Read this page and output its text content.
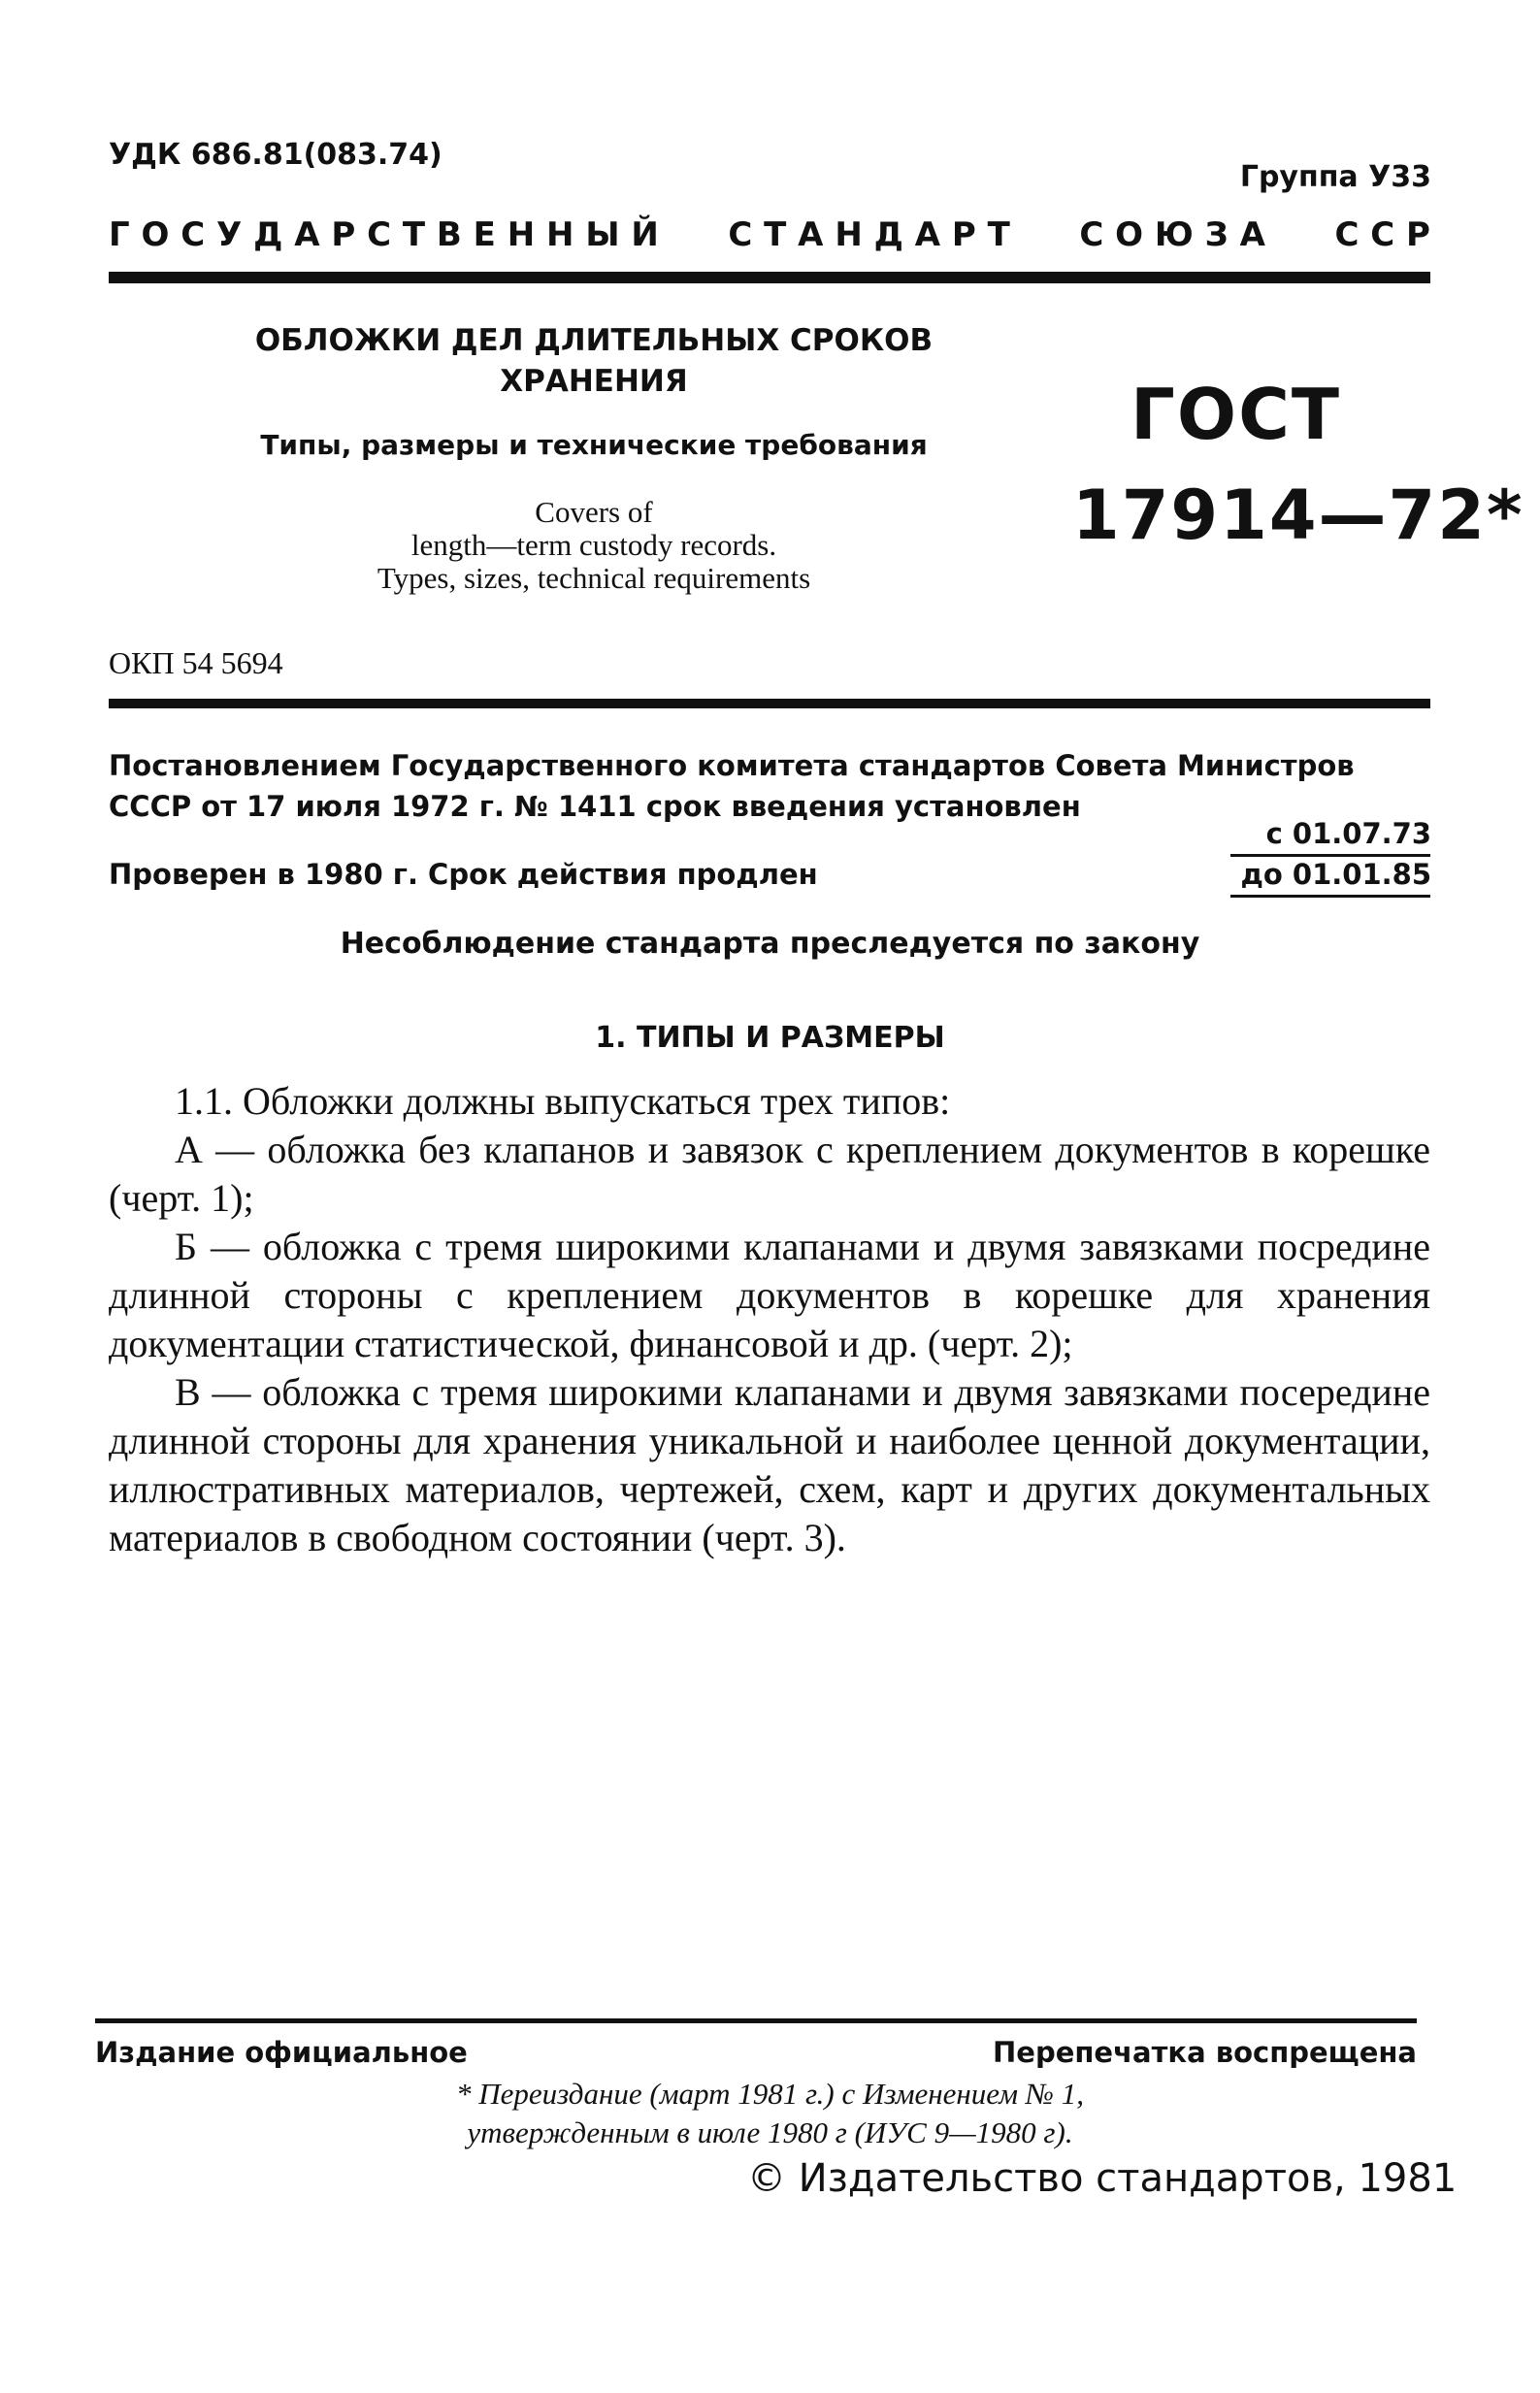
УДК 686.81(083.74)
Группа У33
Г О С У Д А Р С Т В Е Н Н Ы Й С Т А Н Д А Р Т С О Ю З А С С Р
ОБЛОЖКИ ДЕЛ ДЛИТЕЛЬНЫХ СРОКОВ
ХРАНЕНИЯ
Типы, размеры и технические требования
Covers of
length—term custody records.
Types, sizes, technical requirements
ГОСТ
17914—72*
ОКП 54 5694
Постановлением Государственного комитета стандартов Совета Министров СССР от 17 июля 1972 г. № 1411 срок введения установлен
с 01.07.73
Проверен в 1980 г. Срок действия продлен	до 01.01.85
Несоблюдение стандарта преследуется по закону
1. ТИПЫ И РАЗМЕРЫ

1.1. Обложки должны выпускаться трех типов:

А — обложка без клапанов и завязок с креплением документов в корешке (черт. 1);

Б — обложка с тремя широкими клапанами и двумя завязками посредине длинной стороны с креплением документов в корешке для хранения документации статистической, финансовой и др. (черт. 2);

В — обложка с тремя широкими клапанами и двумя завязками посередине длинной стороны для хранения уникальной и наиболее ценной документации, иллюстративных материалов, чертежей, схем, карт и других документальных материалов в свободном состоянии (черт. 3).

Издание официальное	Перепечатка воспрещена
* Переиздание (март 1981 г.) с Изменением № 1,
утвержденным в июле 1980 г (ИУС 9—1980 г).
© Издательство стандартов, 1981
